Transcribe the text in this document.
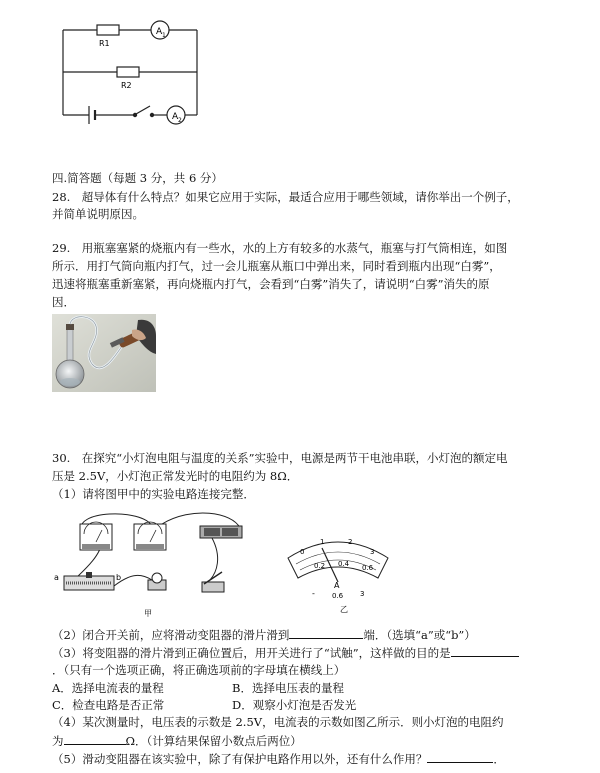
R1
R2
A 1
A 2
四.简答题（每题 3 分，共 6 分）
28.　超导体有什么特点？如果它应用于实际，最适合应用于哪些领域，请你举出一个例子，
并简单说明原因。
29.　用瓶塞塞紧的烧瓶内有一些水，水的上方有较多的水蒸气，瓶塞与打气筒相连，如图
所示．用打气筒向瓶内打气，过一会儿瓶塞从瓶口中弹出来，同时看到瓶内出现“白雾”，
迅速将瓶塞重新塞紧，再向烧瓶内打气，会看到“白雾”消失了，请说明“白雾”消失的原
因．
30.　在探究“小灯泡电阻与温度的关系”实验中，电源是两节干电池串联，小灯泡的额定电
压是 2.5V，小灯泡正常发光时的电阻约为 8Ω．
（1）请将图甲中的实验电路连接完整．
a	b
甲
0
1	2
3
0.2 0.4 0.6
A
- 0.6 3
乙
（2）闭合开关前，应将滑动变阻器的滑片滑到	端．（选填“a”或“b”）
（3）将变阻器的滑片滑到正确位置后，用开关进行了“试触”，这样做的目的是
．（只有一个选项正确，将正确选项前的字母填在横线上）
A．选择电流表的量程	B．选择电压表的量程
C．检查电路是否正常	D．观察小灯泡是否发光
（4）某次测量时，电压表的示数是 2.5V，电流表的示数如图乙所示．则小灯泡的电阻约
为	Ω．（计算结果保留小数点后两位）
（5）滑动变阻器在该实验中，除了有保护电路作用以外，还有什么作用？	．
